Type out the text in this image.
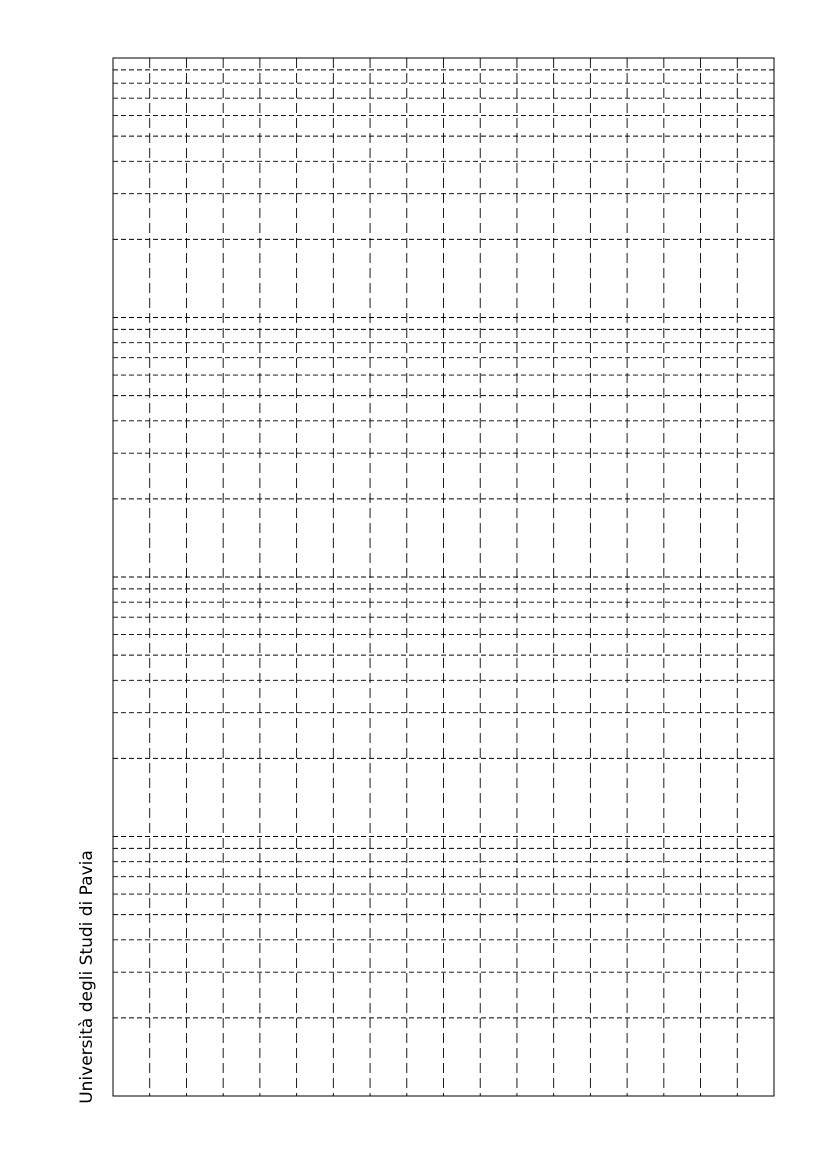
Università degli Studi di Pavia
